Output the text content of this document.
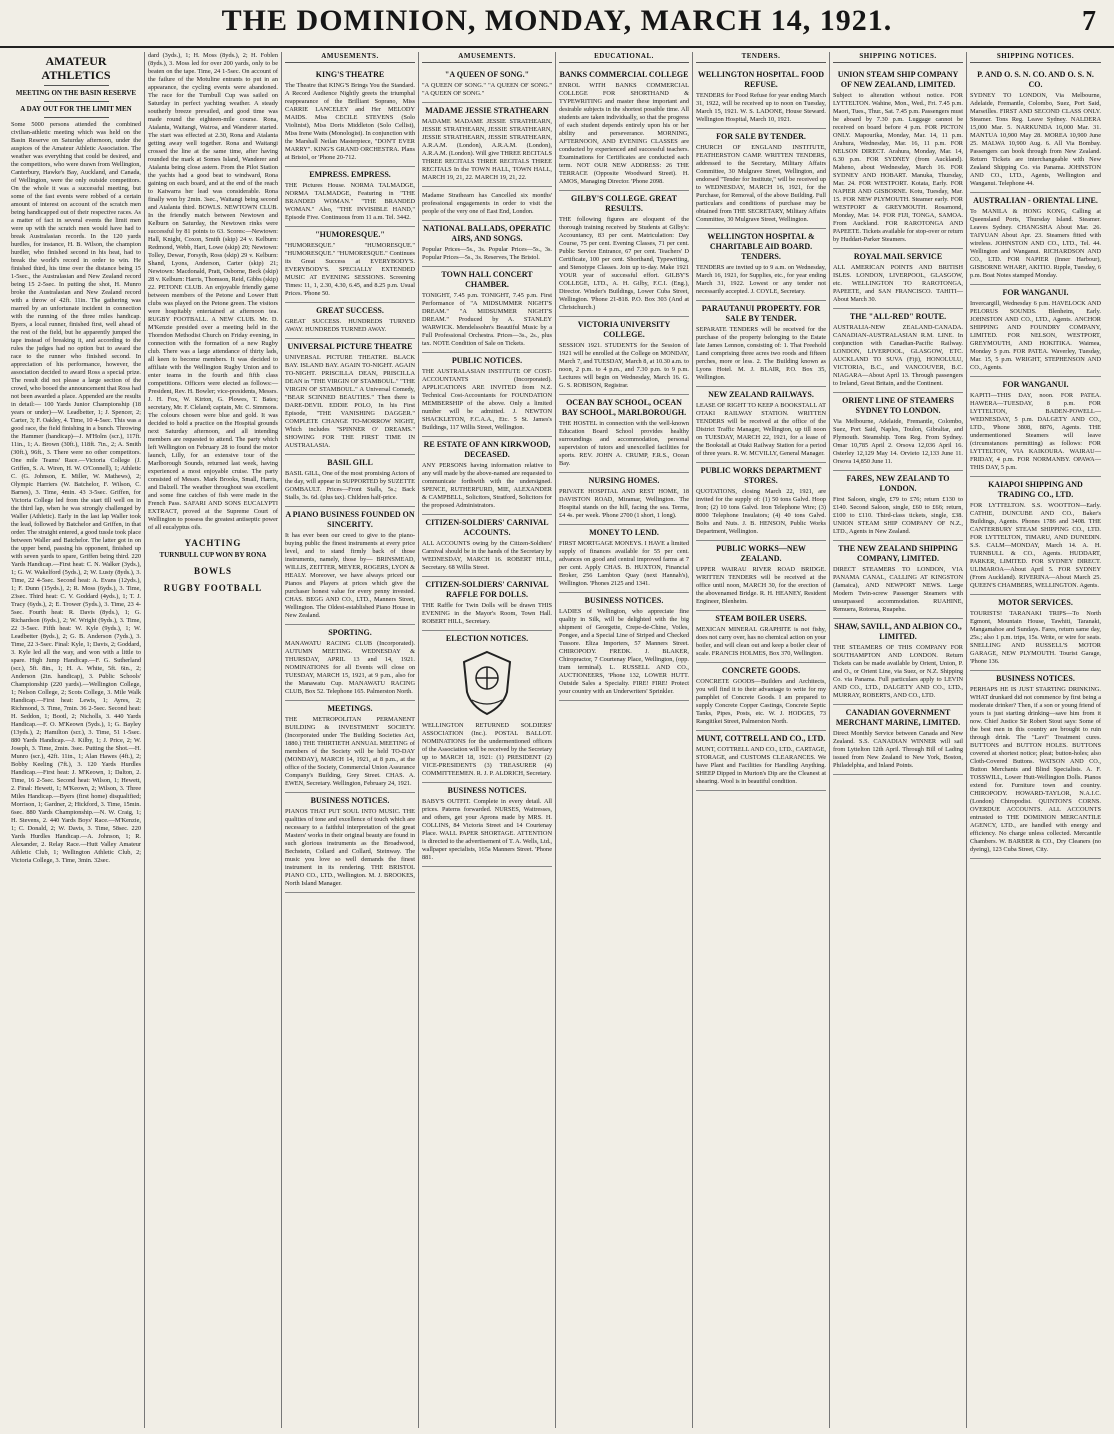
THE DOMINION, MONDAY, MARCH 14, 1921.	7
AMATEUR ATHLETICS
MEETING ON THE BASIN RESERVE
A DAY OUT FOR THE LIMIT MEN

Some 5000 persons attended the combined civilian-athletic meeting which was held on the Basin Reserve on Saturday afternoon, under the auspices of the Amateur Athletic Association. The weather was everything that could be desired, and the competitors, who were drawn from Wellington, Canterbury, Hawke's Bay, Auckland, and Canada, of Wellington, were the only outside competitors. On the whole it was a successful meeting, but some of the fast events were robbed of a certain amount of interest on account of the scratch men being handicapped out of their respective races. As a matter of fact in several events the limit men were up with the scratch men would have had to break Australasian records. In the 120 yards hurdles, for instance, H. B. Wilson, the champion hurdler, who finished second in his heat, had to break the world's record in order to win. He finished third, his time over the distance being 15 1-5sec., the Australasian and New Zealand record being 15 2-5sec. In putting the shot, H. Munro broke the Australasian and New Zealand record with a throw of 42ft. 11in. The gathering was marred by an unfortunate incident in connection with the running of the three miles handicap. Byers, a local runner, finished first, well ahead of the rest of the field, but he apparently jumped the tape instead of breaking it, and according to the rules the judges had no option but to award the race to the runner who finished second. In appreciation of his performance, however, the association decided to award Ross a special prize. The result did not please a large section of the crowd, who booed the announcement that Ross had not been awarded a place. Appended are the results in detail:— 100 Yards Junior Championship (18 years or under)—W. Leadbetter, 1; J. Spencer, 2; Carter, 3; F. Oakley, 4. Time, 10 4-5sec. This was a good race, the field finishing in a bunch. Throwing the Hammer (handicap)—J. M'Holm (scr.), 117ft. 11in., 1; A. Brown (30ft.), 118ft. 7in., 2; A. Smith (30ft.), 96ft., 3. There were no other competitors. One mile Teams' Race.—Victoria College (J. Griffen, S. A. Wiren, H. W. O'Connell), 1; Athletic C. (G. Johnson, E. Miller, W. Mathews), 2; Olympic Harriers (W. Batchelor, F. Wilson, C. Barnes), 3. Time, 4min. 43 3-5sec. Griffen, for Victoria College led from the start till well on in the third lap, when he was strongly challenged by Waller (Athletic). Early in the last lap Waller took the lead, followed by Batchelor and Griffen, in that order. The straight entered, a good tussle took place between Waller and Batchelor. The latter got in on the upper bend, passing his opponent, finished up with seven yards to spare, Griffen being third. 220 Yards Handicap.—First heat: C. N. Walker (3yds.), 1; G. W. Wakelford (5yds.), 2; W. Lusty (8yds.), 3. Time, 22 4-5sec. Second heat: A. Evans (12yds.), 1; F. Dunn (15yds.), 2; R. Moss (6yds.), 3. Time, 23sec. Third heat: C. V. Goddard (4yds.), 1; T. J. Tracy (6yds.), 2; E. Trower (5yds.), 3. Time, 23 4-5sec. Fourth heat: R. Davis (8yds.), 1; G. Richardson (6yds.), 2; W. Wright (9yds.), 3. Time, 22 3-5sec. Fifth heat: W. Kyle (9yds.), 1; W. Leadbetter (8yds.), 2; G. B. Anderson (7yds.), 3. Time, 22 3-5sec. Final: Kyle, 1; Davis, 2; Goddard, 3. Kyle led all the way, and won with a little to spare. High Jump Handicap.—F. G. Sutherland (scr.), 5ft. 8in., 1; H. A. White, 5ft. 6in., 2; Anderson (2in. handicap), 3. Public Schools' Championship (220 yards).—Wellington College, 1; Nelson College, 2; Scots College, 3. Mile Walk Handicap.—First heat: Lewis, 1; Ayres, 2; Richmond, 3. Time, 7min. 36 2-5sec. Second heat: H. Seddon, 1; Bootl, 2; Nicholls, 3. 440 Yards Handicap.—F. O. M'Keown (5yds.), 1; G. Bayley (13yds.), 2; Hamilton (scr.), 3. Time, 51 1-5sec. 880 Yards Handicap.—J. Kilby, 1; J. Price, 2; W. Joseph, 3. Time, 2min. 3sec. Putting the Shot.—H. Munro (scr.), 42ft. 11in., 1; Alan Hawes (4ft.), 2; Bobby Keeling (7ft.), 3. 120 Yards Hurdles Handicap.—First heat: J. M'Keown, 1; Dalton, 2. Time, 16 2-5sec. Second heat: Wilson, 1; Hewett, 2. Final: Hewett, 1; M'Keown, 2; Wilson, 3. Three Miles Handicap.—Byers (first home) disqualified; Morrison, 1; Gardner, 2; Hickford, 3. Time, 15min. 6sec. 880 Yards Championship.—N. W. Craig, 1; H. Stevens, 2. 440 Yards Boys' Race.—M'Kenzie, 1; C. Donald, 2; W. Davis, 3. Time, 58sec. 220 Yards Hurdles Handicap.—A. Johnson, 1; R. Alexander, 2. Relay Race.—Hutt Valley Amateur Athletic Club, 1; Wellington Athletic Club, 2; Victoria College, 3. Time, 3min. 32sec.

dard (3yds.), 1; H. Moss (8yds.), 2; H. Foblen (8yds.), 3. Moss led for over 200 yards, only to be beaten on the tape. Time, 24 1-5sec. On account of the failure of the Motuline entrants to put in an appearance, the cycling events were abandoned. The race for the Turnbull Cup was sailed on Saturday in perfect yachting weather. A steady southerly breeze prevailed, and good time was made round the eighteen-mile course. Rona, Atalanta, Waitangi, Wairoa, and Wanderer started. The start was effected at 2.30, Rona and Atalanta getting away well together. Rona and Waitangi crossed the line at the same time, after having rounded the mark at Somes Island, Wanderer and Atalanta being close astern. From the Pilot Station the yachts had a good beat to windward, Rona gaining on each board, and at the end of the reach to Kaiwarra her lead was considerable. Rona finally won by 2min. 3sec., Waitangi being second and Atalanta third. BOWLS. NEWTOWN CLUB. In the friendly match between Newtown and Kelburn on Saturday, the Newtown rinks were successful by 81 points to 63. Scores:—Newtown: Hall, Knight, Coxon, Smith (skip) 24 v. Kelburn: Redmond, Webb, Hart, Lowe (skip) 20; Newtown: Tolley, Dewar, Forsyth, Ross (skip) 29 v. Kelburn: Shand, Lyons, Anderson, Carter (skip) 21; Newtown: Macdonald, Pratt, Osborne, Beck (skip) 28 v. Kelburn: Harris, Thomson, Reid, Gibbs (skip) 22. PETONE CLUB. An enjoyable friendly game between members of the Petone and Lower Hutt clubs was played on the Petone green. The visitors were hospitably entertained at afternoon tea. RUGBY FOOTBALL. A NEW CLUB. Mr. D. M'Kenzie presided over a meeting held in the Thorndon Methodist Church on Friday evening, in connection with the formation of a new Rugby club. There was a large attendance of thirty lads, all keen to become members. It was decided to affiliate with the Wellington Rugby Union and to enter teams in the fourth and fifth class competitions. Officers were elected as follows:—President, Rev. H. Bowler; vice-presidents, Messrs. J. H. Fox, W. Kirton, G. Plowes, T. Bates; secretary, Mr. F. Cleland; captain, Mr. C. Simmons. The colours chosen were blue and gold. It was decided to hold a practice on the Hospital grounds next Saturday afternoon, and all intending members are requested to attend. The party which left Wellington on February 28 to found the motor launch, Lilly, for an extensive tour of the Marlborough Sounds, returned last week, having experienced a most enjoyable cruise. The party consisted of Messrs. Mark Brooks, Small, Harris, and Dalzell. The weather throughout was excellent and some fine catches of fish were made in the French Pass. SAFARI AND SONS EUCALYPTI EXTRACT, proved at the Supreme Court of Wellington to possess the greatest antiseptic power of all eucalyptus oils.

YACHTING
TURNBULL CUP WON BY RONA
BOWLS
RUGBY FOOTBALL
AMUSEMENTS.
KING'S THEATRE
The Theatre that KING'S Brings You the Standard. A Record Audience Nightly greets the triumphal reappearance of the Brilliant Soprano, Miss CARRIE LANCELEY and Her MELODY MAIDS. Miss CECILE STEVENS (Solo Violinist), Miss Doris Middleton (Solo Cellist), Miss Irene Watts (Monologist). In conjunction with the Marshall Neilan Masterpiece, "DON'T EVER MARRY". KING'S GRAND ORCHESTRA. Plans at Bristol, or 'Phone 20-712.
EMPRESS. EMPRESS.
THE Pictures House. NORMA TALMADGE, NORMA TALMADGE, Featuring in "THE BRANDED WOMAN." "THE BRANDED WOMAN." Also, "THE INVISIBLE HAND," Episode Five. Continuous from 11 a.m. Tel. 3442.
"HUMORESQUE."
"HUMORESQUE." "HUMORESQUE." "HUMORESQUE." "HUMORESQUE." Continues its Great Success at EVERYBODY'S. EVERYBODY'S. SPECIALLY EXTENDED MUSIC AT EVENING SESSIONS. Screening Times: 11, 1, 2.30, 4.30, 6.45, and 8.25 p.m. Usual Prices. 'Phone 50.
GREAT SUCCESS.
GREAT SUCCESS. HUNDREDS TURNED AWAY. HUNDREDS TURNED AWAY.
UNIVERSAL PICTURE THEATRE
UNIVERSAL PICTURE THEATRE. BLACK BAY. ISLAND BAY. AGAIN TO-NIGHT. AGAIN TO-NIGHT. PRISCILLA DEAN, PRISCILLA DEAN in "THE VIRGIN OF STAMBOUL." "THE VIRGIN OF STAMBOUL." A Universal Comedy, "BEAR SCINNED BEAUTIES." Then there is DARE-DEVIL EDDIE POLO, In his First Episode, "THE VANISHING DAGGER." COMPLETE CHANGE TO-MORROW NIGHT, Which includes "SPINNER O' DREAMS." SHOWING FOR THE FIRST TIME IN AUSTRALASIA.
BASIL GILL
BASIL GILL, One of the most promising Actors of the day, will appear in SUPPORTED by SUZETTE GOMBAULT. Prices—Front Stalls, 5s.; Back Stalls, 3s. 6d. (plus tax). Children half-price.
A PIANO BUSINESS FOUNDED ON SINCERITY.
It has ever been our creed to give to the piano-buying public the finest instruments at every price level, and to stand firmly back of those instruments, namely, those by— BRINSMEAD, WILLIS, ZEITTER, MEYER, ROGERS, LYON & HEALY. Moreover, we have always priced our Pianos and Players at prices which give the purchaser honest value for every penny invested. CHAS. BEGG AND CO., LTD., Manners Street, Wellington. The Oldest-established Piano House in New Zealand.
SPORTING.
MANAWATU RACING CLUB (Incorporated). AUTUMN MEETING. WEDNESDAY & THURSDAY, APRIL 13 and 14, 1921. NOMINATIONS for all Events will close on TUESDAY, MARCH 15, 1921, at 9 p.m., also for the Manawatu Cup. MANAWATU RACING CLUB, Box 52. Telephone 165. Palmerston North.
MEETINGS.
THE METROPOLITAN PERMANENT BUILDING & INVESTMENT SOCIETY. (Incorporated under The Building Societies Act, 1880.) THE THIRTIETH ANNUAL MEETING of members of the Society will be held TO-DAY (MONDAY), MARCH 14, 1921, at 8 p.m., at the office of the Society, Commercial Union Assurance Company's Building, Grey Street. CHAS. A. EWEN, Secretary. Wellington, February 24, 1921.
BUSINESS NOTICES.
PIANOS THAT PUT SOUL INTO MUSIC. THE qualities of tone and excellence of touch which are necessary to a faithful interpretation of the great Masters' works in their original beauty are found in such glorious instruments as the Broadwood, Bechstein, Collard and Collard, Steinway. The music you love so well demands the finest instrument in its rendering. THE BRISTOL PIANO CO., LTD., Wellington. M. J. BROOKES, North Island Manager.
AMUSEMENTS.
"A QUEEN OF SONG."
"A QUEEN OF SONG." "A QUEEN OF SONG." "A QUEEN OF SONG."
MADAME JESSIE STRATHEARN
MADAME MADAME JESSIE STRATHEARN, JESSIE STRATHEARN, JESSIE STRATHEARN, JESSIE STRATHEARN, JESSIE STRATHEARN, A.R.A.M. (London), A.R.A.M. (London), A.R.A.M. (London). Will give THREE RECITALS THREE RECITALS THREE RECITALS THREE RECITALS In the TOWN HALL, TOWN HALL, MARCH 19, 21, 22. MARCH 19, 21, 22.
Madame Strathearn has Cancelled six months' professional engagements in order to visit the people of the very one of East End, London.
NATIONAL BALLADS, OPERATIC AIRS, AND SONGS.
Popular Prices—5s., 3s. Popular Prices—5s., 3s. Popular Prices—5s., 3s. Reserves, The Bristol.
TOWN HALL CONCERT CHAMBER.
TONIGHT, 7.45 p.m. TONIGHT, 7.45 p.m. First Performance of "A MIDSUMMER NIGHT'S DREAM." "A MIDSUMMER NIGHT'S DREAM." Produced by A. STANLEY WARWICK. Mendelssohn's Beautiful Music by a Full Professional Orchestra. Prices—3s., 2s., plus tax. NOTE Condition of Sale on Tickets.
PUBLIC NOTICES.
THE AUSTRALASIAN INSTITUTE OF COST-ACCOUNTANTS (Incorporated). APPLICATIONS ARE INVITED from N.Z. Technical Cost-Accountants for FOUNDATION MEMBERSHIP of the above. Only a limited number will be admitted. J. NEWTON SHACKLETON, F.C.A.A., Etc. 5 St. James's Buildings, 117 Willis Street, Wellington.
RE ESTATE OF ANN KIRKWOOD, DECEASED.
ANY PERSONS having information relative to any will made by the above-named are requested to communicate forthwith with the undersigned. SPENCE, RUTHERFURD, MIE, ALEXANDER & CAMPBELL, Solicitors, Stratford, Solicitors for the proposed Administrators.
CITIZEN-SOLDIERS' CARNIVAL ACCOUNTS.
ALL ACCOUNTS owing by the Citizen-Soldiers' Carnival should be in the hands of the Secretary by WEDNESDAY, MARCH 16. ROBERT HILL, Secretary. 68 Willis Street.
CITIZEN-SOLDIERS' CARNIVAL RAFFLE FOR DOLLS.
THE Raffle for Twin Dolls will be drawn THIS EVENING in the Mayor's Room, Town Hall. ROBERT HILL, Secretary.
ELECTION NOTICES.
WELLINGTON RETURNED SOLDIERS' ASSOCIATION (Inc.). POSTAL BALLOT. NOMINATIONS for the undermentioned officers of the Association will be received by the Secretary up to MARCH 18, 1921: (1) PRESIDENT (2) VICE-PRESIDENTS (3) TREASURER (4) COMMITTEEMEN. R. J. P. ALDRICH, Secretary.
BUSINESS NOTICES.
BABY'S OUTFIT. Complete in every detail. All prices. Paterns forwarded. NURSES, Waitresses, and others, get your Aprons made by MRS. H. COLLINS, 84 Victoria Street and 14 Courtenay Place. WALL PAPER SHORTAGE. ATTENTION is directed to the advertisement of T. A. Wells, Ltd., wallpaper specialists, 165a Manners Street. 'Phone 881.
EDUCATIONAL.
BANKS COMMERCIAL COLLEGE
ENROL WITH BANKS COMMERCIAL COLLEGE FOR SHORTHAND & TYPEWRITING and master these important and desirable subjects in the shortest possible time. All students are taken individually, so that the progress of each student depends entirely upon his or her ability and perseverance. MORNING, AFTERNOON, AND EVENING CLASSES are conducted by experienced and successful teachers. Examinations for Certificates are conducted each term. NOT OUR NEW ADDRESS: 26 THE TERRACE (Opposite Woodward Street). H. AMOS, Managing Director. 'Phone 2098.
GILBY'S COLLEGE. GREAT RESULTS.
THE following figures are eloquent of the thorough training received by Students at Gilby's: Accountancy, 83 per cent. Matriculation: Day Course, 75 per cent. Evening Classes, 71 per cent. Public Service Entrance, 67 per cent. Teachers' D Certificate, 100 per cent. Shorthand, Typewriting, and Stenotype Classes. Join up to-day. Make 1921 YOUR year of successful effort. GILBY'S COLLEGE, LTD., A. H. Gilby, F.C.I. (Eng.), Director. Winder's Buildings, Lower Cuba Street, Wellington. 'Phone 21-818. P.O. Box 303 (And at Christchurch.)
VICTORIA UNIVERSITY COLLEGE.
SESSION 1921. STUDENTS for the Session of 1921 will be enrolled at the College on MONDAY, March 7, and TUESDAY, March 8, at 10.30 a.m. to noon, 2 p.m. to 4 p.m., and 7.30 p.m. to 9 p.m. Lectures will begin on Wednesday, March 16. G. G. S. ROBISON, Registrar.
OCEAN BAY SCHOOL, OCEAN BAY SCHOOL, MARLBOROUGH.
THE HOSTEL in connection with the well-known Education Board School provides healthy surroundings and accommodation, personal supervision of tutors and unexcelled facilities for sports. REV. JOHN A. CRUMP, F.R.S., Ocean Bay.
NURSING HOMES.
PRIVATE HOSPITAL AND REST HOME, 18 DAVISTON ROAD, Miramar, Wellington. The Hospital stands on the hill, facing the sea. Terms, £4 4s. per week. 'Phone 2700 (1 short, 1 long).
MONEY TO LEND.
FIRST MORTGAGE MONEYS. I HAVE a limited supply of finances available for 55 per cent. advances on good and central improved farms at 7 per cent. Apply CHAS. B. HUXTON, Financial Broker, 256 Lambton Quay (next Hannah's), Wellington. 'Phones 2125 and 1341.
BUSINESS NOTICES.
LADIES of Wellington, who appreciate fine quality in Silk, will be delighted with the big shipment of Georgette, Crepe-de-Chine, Voiles, Pongee, and a Special Line of Striped and Checked Tussore. Eliza Importers, 57 Manners Street. CHIROPODY. FREDK. J. BLAKER, Chiropractor, 7 Courtenay Place, Wellington, (opp. tram terminal). L. RUSSELL AND CO., AUCTIONEERS, 'Phone 132, LOWER HUTT. Outside Sales a Specialty. FIRE! FIRE! Protect your country with an Underwriters' Sprinkler.
TENDERS.
WELLINGTON HOSPITAL. FOOD REFUSE.
TENDERS for Food Refuse for year ending March 31, 1922, will be received up to noon on Tuesday, March 15, 1921. W. S. LADONE, House Steward. Wellington Hospital, March 10, 1921.
FOR SALE BY TENDER.
CHURCH OF ENGLAND INSTITUTE, FEATHERSTON CAMP. WRITTEN TENDERS, addressed to the Secretary, Military Affairs Committee, 30 Mulgrave Street, Wellington, and endorsed "Tender for Institute," will be received up to WEDNESDAY, MARCH 16, 1921, for the Purchase, for Removal, of the above Building. Full particulars and conditions of purchase may be obtained from THE SECRETARY, Military Affairs Committee, 30 Mulgrave Street, Wellington.
WELLINGTON HOSPITAL & CHARITABLE AID BOARD. TENDERS.
TENDERS are invited up to 9 a.m. on Wednesday, March 16, 1921, for Supplies, etc., for year ending March 31, 1922. Lowest or any tender not necessarily accepted. J. COYLE, Secretary.
PARAUTANUI PROPERTY. FOR SALE BY TENDER.
SEPARATE TENDERS will be received for the purchase of the property belonging to the Estate late James Lennon, consisting of: 1. That Freehold Land comprising three acres two roods and fifteen perches, more or less. 2. The Building known as Lyons Hotel. M. J. BLAIR, P.O. Box 35, Wellington.
NEW ZEALAND RAILWAYS.
LEASE OF RIGHT TO KEEP A BOOKSTALL AT OTAKI RAILWAY STATION. WRITTEN TENDERS will be received at the office of the District Traffic Manager, Wellington, up till noon on TUESDAY, MARCH 22, 1921, for a lease of the Bookstall at Otaki Railway Station for a period of three years. R. W. MCVILLY, General Manager.
PUBLIC WORKS DEPARTMENT STORES.
QUOTATIONS, closing March 22, 1921, are invited for the supply of: (1) 50 tons Galvd. Hoop Iron; (2) 10 tons Galvd. Iron Telephone Wire; (3) 8000 Telephone Insulators; (4) 40 tons Galvd. Bolts and Nuts. J. B. HENSON, Public Works Department, Wellington.
PUBLIC WORKS—NEW ZEALAND.
UPPER WAIRAU RIVER ROAD BRIDGE. WRITTEN TENDERS will be received at the office until noon, MARCH 30, for the erection of the abovenamed Bridge. R. H. HEANEY, Resident Engineer, Blenheim.
STEAM BOILER USERS.
MEXICAN MINERAL GRAPHITE is not fishy, does not carry over, has no chemical action on your boiler, and will clean out and keep a boiler clear of scale. FRANCIS HOLMES, Box 370, Wellington.
CONCRETE GOODS.
CONCRETE GOODS—Builders and Architects, you will find it to their advantage to write for my pamphlet of Concrete Goods. I am prepared to supply Concrete Copper Castings, Concrete Septic Tanks, Pipes, Posts, etc. W. J. HODGES, 73 Rangitikei Street, Palmerston North.
MUNT, COTTRELL AND CO., LTD.
MUNT, COTTRELL AND CO., LTD., CARTAGE, STORAGE, and CUSTOMS CLEARANCES. We have Plant and Facilities for Handling Anything. SHEEP Dipped in Murton's Dip are the Cleanest at shearing. Wool is in beautiful condition.
SHIPPING NOTICES.
UNION STEAM SHIP COMPANY OF NEW ZEALAND, LIMITED.
Subject to alteration without notice. FOR LYTTELTON. Wahine, Mon., Wed., Fri. 7.45 p.m. Maori, Tues., Thur., Sat. 7.45 p.m. Passengers must be aboard by 7.30 p.m. Luggage cannot be received on board before 4 p.m. FOR PICTON ONLY. Mapourika, Monday, Mar. 14, 11 p.m. Arahura, Wednesday, Mar. 16, 11 p.m. FOR NELSON DIRECT. Arahura, Monday, Mar. 14, 6.30 p.m. FOR SYDNEY (from Auckland). Maheno, about Wednesday, March 16. FOR SYDNEY AND HOBART. Manuka, Thursday, Mar. 24. FOR WESTPORT. Kotata, Early. FOR NAPIER AND GISBORNE. Kotu, Tuesday, Mar. 15. FOR NEW PLYMOUTH. Steamer early. FOR WESTPORT & GREYMOUTH. Rosamond, Monday, Mar. 14. FOR FIJI, TONGA, SAMOA. From Auckland. FOR RAROTONGA AND PAPEETE. Tickets available for stop-over or return by Huddart-Parker Steamers.
ROYAL MAIL SERVICE
ALL AMERICAN POINTS AND BRITISH ISLES. LONDON, LIVERPOOL, GLASGOW, etc. WELLINGTON TO RAROTONGA, PAPEETE, and SAN FRANCISCO. TAHITI—About March 30.
THE "ALL-RED" ROUTE.
AUSTRALIA-NEW ZEALAND-CANADA. CANADIAN-AUSTRALASIAN R.M. LINE. In conjunction with Canadian-Pacific Railway. LONDON, LIVERPOOL, GLASGOW, ETC. AUCKLAND TO SUVA (Fiji), HONOLULU, VICTORIA, B.C., and VANCOUVER, B.C. NIAGARA—About April 13. Through passengers to Ireland, Great Britain, and the Continent.
ORIENT LINE OF STEAMERS SYDNEY TO LONDON.
Via Melbourne, Adelaide, Fremantle, Colombo, Suez, Port Said, Naples, Toulon, Gibraltar, and Plymouth. Steamship. Tons Reg. From Sydney. Omar 10,785 April 2. Orsova 12,036 April 16. Osterley 12,129 May 14. Orvieto 12,133 June 11. Orsova 14,850 June 11.
FARES, NEW ZEALAND TO LONDON.
First Saloon, single, £79 to £76; return £130 to £140. Second Saloon, single, £60 to £66; return, £100 to £110. Third-class tickets, single, £38. UNION STEAM SHIP COMPANY OF N.Z., LTD., Agents in New Zealand.
THE NEW ZEALAND SHIPPING COMPANY, LIMITED.
DIRECT STEAMERS TO LONDON, VIA PANAMA CANAL, CALLING AT KINGSTON (Jamaica), AND NEWPORT NEWS. Large Modern Twin-screw Passenger Steamers with unsurpassed accommodation. RUAHINE, Remuera, Rotorua, Ruapehu.
SHAW, SAVILL, AND ALBION CO., LIMITED.
THE STEAMERS OF THIS COMPANY FOR SOUTHAMPTON AND LONDON. Return Tickets can be made available by Orient, Union, P. and O., or Orient Line, via Suez, or N.Z. Shipping Co. via Panama. Full particulars apply to LEVIN AND CO., LTD., DALGETY AND CO., LTD., MURRAY, ROBERTS, AND CO., LTD.
CANADIAN GOVERNMENT MERCHANT MARINE, LIMITED.
Direct Monthly Service between Canada and New Zealand. S.S. CANADIAN WINNER will sail from Lyttelton 12th April. Through Bill of Lading issued from New Zealand to New York, Boston, Philadelphia, and Inland Points.
SHIPPING NOTICES.
P. AND O. S. N. CO. AND O. S. N. CO.
SYDNEY TO LONDON, Via Melbourne, Adelaide, Fremantle, Colombo, Suez, Port Said, Marseilles. FIRST AND SECOND CLASS ONLY. Steamer. Tons Reg. Leave Sydney. NALDERA 15,000 Mar. 5. NARKUNDA 16,000 Mar. 31. MANTUA 10,900 May 28. MOREA 10,900 June 25. MALWA 10,900 Aug. 6. All Via Bombay. Passengers can book through from New Zealand. Return Tickets are interchangeable with New Zealand Shipping Co. via Panama. JOHNSTON AND CO., LTD., Agents, Wellington and Wanganui. Telephone 44.
AUSTRALIAN - ORIENTAL LINE.
To MANILA & HONG KONG, Calling at Queensland Ports, Thursday Island. Steamer. Leaves Sydney. CHANGSHA About Mar. 26. TAIYUAN About Apr. 23. Steamers fitted with wireless. JOHNSTON AND CO., LTD., Tel. 44. Wellington and Wanganui. RICHARDSON AND CO., LTD. FOR NAPIER (Inner Harbour), GISBORNE WHARF, AKITIO. Ripple, Tuesday, 6 p.m. Boat Notes stamped Monday.
FOR WANGANUI.
Invercargill, Wednesday 6 p.m. HAVELOCK AND PELORUS SOUNDS. Blenheim, Early. JOHNSTON AND CO., LTD., Agents. ANCHOR SHIPPING AND FOUNDRY COMPANY, LIMITED. FOR NELSON, WESTPORT, GREYMOUTH, AND HOKITIKA. Waimea, Monday 5 p.m. FOR PATEA. Waverley, Tuesday, Mar. 15, 5 p.m. WRIGHT, STEPHENSON AND CO., Agents.
FOR WANGANUI.
KAPITI—THIS DAY, noon. FOR PATEA. HAWERA—TUESDAY, 8 p.m. FOR LYTTELTON, BADEN-POWELL—WEDNESDAY, 5 p.m. DALGETY AND CO., LTD., 'Phone 3808, 8876, Agents. THE undermentioned Steamers will leave (circumstances permitting) as follows: FOR LYTTELTON, VIA KAIKOURA. WAIRAU—FRIDAY, 4 p.m. FOR NORMANBY. OPAWA—THIS DAY, 5 p.m.
KAIAPOI SHIPPING AND TRADING CO., LTD.
FOR LYTTELTON. S.S. WOOTTON—Early. CATHIE, DUNCUBE AND CO., Baker's Buildings, Agents. Phones 1786 and 3408. THE CANTERBURY STEAM SHIPPING CO., LTD. FOR LYTTELTON, TIMARU, AND DUNEDIN. S.S. CALM—MONDAY, March 14. A. H. TURNBULL & CO., Agents. HUDDART, PARKER, LIMITED. FOR SYDNEY DIRECT. ULIMAROA—About April 5. FOR SYDNEY (From Auckland). RIVERINA—About March 25. QUEEN'S CHAMBERS, WELLINGTON. Agents.
MOTOR SERVICES.
TOURISTS! TARANAKI TRIPS—To North Egmont, Mountain House, Tawhiti, Taranaki, Mangamahoe and Sundays. Fares, return same day, 25s.; also 1 p.m. trips, 15s. Write, or wire for seats. SNELLING AND RUSSELL'S MOTOR GARAGE, NEW PLYMOUTH. Tourist Garage, 'Phone 136.
BUSINESS NOTICES.
PERHAPS HE IS JUST STARTING DRINKING. WHAT drunkard did not commence by first being a moderate drinker? Then, if a son or young friend of yours is just starting drinking—save him from it now. Chief Justice Sir Robert Stout says: Some of the best men in this country are brought to ruin through drink. The "Lavi" Treatment cures. BUTTONS and BUTTON HOLES. BUTTONS covered at shortest notice; pleat; button-holes; also Cloth-Covered Buttons. WATSON AND CO., Button Merchants and Blind Specialists. A. F. TOSSWILL, Lower Hutt-Wellington Dolls. Pianos extend for. Furniture town and country. CHIROPODY. HOWARD-TAYLOR, N.A.I.C. (London) Chiropodist. QUINTON'S CORNS. OVERDUE ACCOUNTS. ALL ACCOUNTS entrusted to THE DOMINION MERCANTILE AGENCY, LTD., are handled with energy and efficiency. No charge unless collected. Mercantile Chambers. W. BARBER & CO., Dry Cleaners (no dyeing), 123 Cuba Street, City.
